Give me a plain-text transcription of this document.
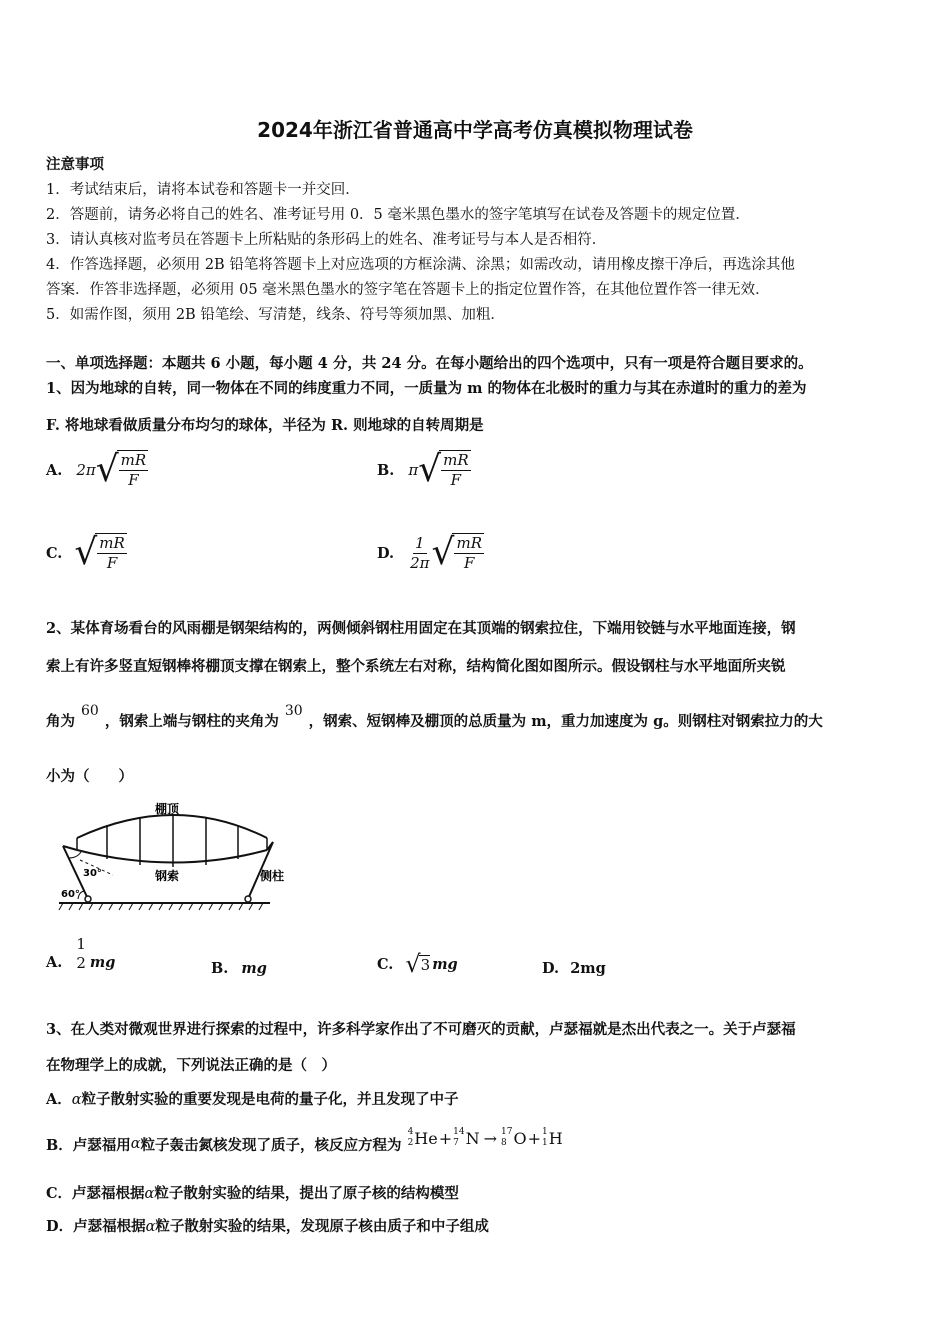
2024年浙江省普通高中学高考仿真模拟物理试卷
注意事项
1．考试结束后，请将本试卷和答题卡一并交回．
2．答题前，请务必将自己的姓名、准考证号用 0．5 毫米黑色墨水的签字笔填写在试卷及答题卡的规定位置．
3．请认真核对监考员在答题卡上所粘贴的条形码上的姓名、准考证号与本人是否相符．
4．作答选择题，必须用 2B 铅笔将答题卡上对应选项的方框涂满、涂黑；如需改动，请用橡皮擦干净后，再选涂其他
答案．作答非选择题，必须用 05 毫米黑色墨水的签字笔在答题卡上的指定位置作答，在其他位置作答一律无效．
5．如需作图，须用 2B 铅笔绘、写清楚，线条、符号等须加黑、加粗．
一、单项选择题：本题共 6 小题，每小题 4 分，共 24 分。在每小题给出的四个选项中，只有一项是符合题目要求的。
1、因为地球的自转，同一物体在不同的纬度重力不同，一质量为 m 的物体在北极时的重力与其在赤道时的重力的差为
F. 将地球看做质量分布均匀的球体，半径为 R. 则地球的自转周期是
A. 2π √
$\frac{mR}{F}$	B. π √
$\frac{mR}{F}$
C. √
$\frac{mR}{F}$	D. $\frac{1}{2\pi}$ √
$\frac{mR}{F}$
2、某体育场看台的风雨棚是钢架结构的，两侧倾斜钢柱用固定在其顶端的钢索拉住，下端用铰链与水平地面连接，钢
索上有许多竖直短钢棒将棚顶支撑在钢索上，整个系统左右对称，结构简化图如图所示。假设钢柱与水平地面所夹锐
角为
60
，钢索上端与钢柱的夹角为
30
，钢索、短钢棒及棚顶的总质量为 m，重力加速度为 g。则钢柱对钢索拉力的大
小为（　　）
棚顶
钢索	侧柱
30°
60°
A.
1
2 mg	B. mg	C. √ 3 mg	D. 2mg
3、在人类对微观世界进行探索的过程中，许多科学家作出了不可磨灭的贡献，卢瑟福就是杰出代表之一。关于卢瑟福
在物理学上的成就，下列说法正确的是（　）
A．α粒子散射实验的重要发现是电荷的量子化，并且发现了中子
B． 卢瑟福用 α 粒子轰击氮核发现了质子，核反应方程为
4
2 He + 14
7 N → 17
8 O + 1
1 H
C．卢瑟福根据α粒子散射实验的结果，提出了原子核的结构模型
D．卢瑟福根据α粒子散射实验的结果，发现原子核由质子和中子组成
